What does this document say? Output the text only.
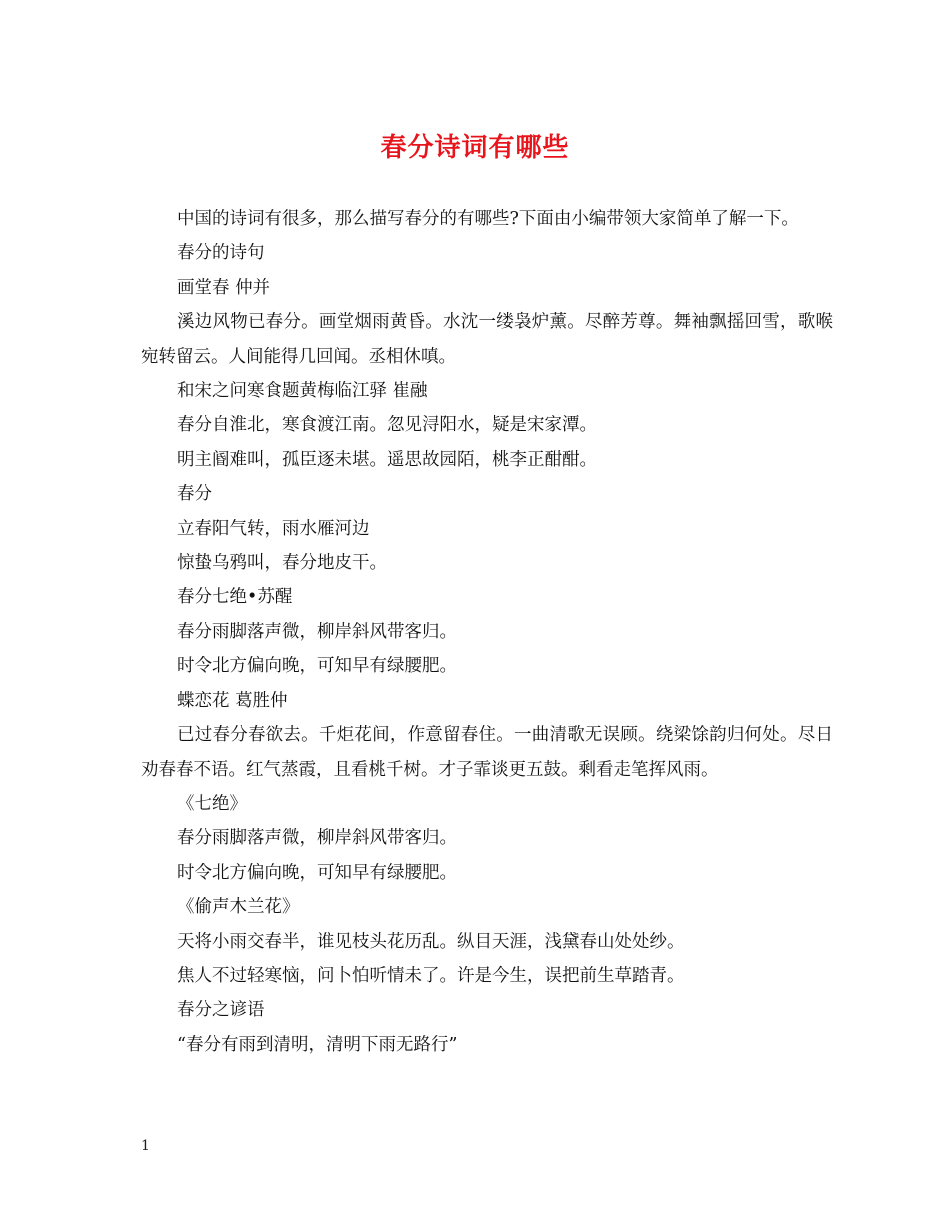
春分诗词有哪些

中国的诗词有很多，那么描写春分的有哪些?下面由小编带领大家简单了解一下。

春分的诗句

画堂春 仲并

溪边风物已春分。画堂烟雨黄昏。水沈一缕袅炉薰。尽醉芳尊。舞袖飘摇回雪，歌喉宛转留云。人间能得几回闻。丞相休嗔。

和宋之问寒食题黄梅临江驿 崔融

春分自淮北，寒食渡江南。忽见浔阳水，疑是宋家潭。

明主阍难叫，孤臣逐未堪。遥思故园陌，桃李正酣酣。

春分

立春阳气转，雨水雁河边

惊蛰乌鸦叫，春分地皮干。

春分七绝•苏醒

春分雨脚落声微，柳岸斜风带客归。

时令北方偏向晚，可知早有绿腰肥。

蝶恋花 葛胜仲

已过春分春欲去。千炬花间，作意留春住。一曲清歌无误顾。绕梁馀韵归何处。尽日劝春春不语。红气蒸霞，且看桃千树。才子霏谈更五鼓。剩看走笔挥风雨。

《七绝》

春分雨脚落声微，柳岸斜风带客归。

时令北方偏向晚，可知早有绿腰肥。

《偷声木兰花》

天将小雨交春半，谁见枝头花历乱。纵目天涯，浅黛春山处处纱。

焦人不过轻寒恼，问卜怕听情未了。许是今生，误把前生草踏青。

春分之谚语

“春分有雨到清明，清明下雨无路行”

1
